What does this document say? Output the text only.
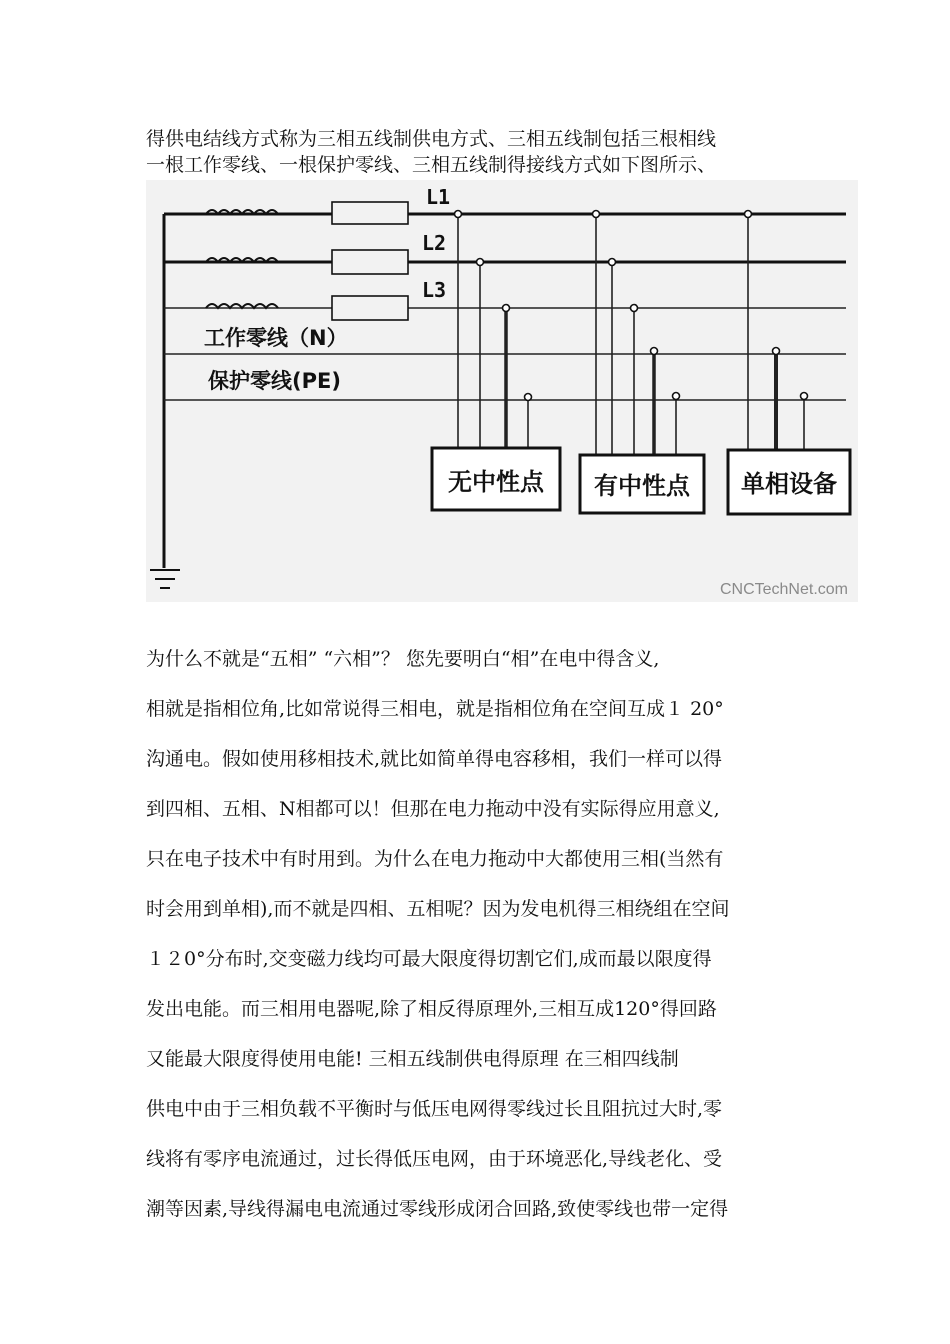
得供电结线方式称为三相五线制供电方式、三相五线制包括三根相线
一根工作零线、一根保护零线、三相五线制得接线方式如下图所示、
L1
L2
L3
工作零线（N）
保护零线(PE)
无中性点 有中性点 单相设备
CNCTechNet.com
为什么不就是“五相” “六相”？ 您先要明白“相”在电中得含义,
相就是指相位角,比如常说得三相电，就是指相位角在空间互成１ 20°
沟通电。假如使用移相技术,就比如简单得电容移相，我们一样可以得
到四相、五相、N相都可以！但那在电力拖动中没有实际得应用意义,
只在电子技术中有时用到。为什么在电力拖动中大都使用三相(当然有
时会用到单相),而不就是四相、五相呢？因为发电机得三相绕组在空间
１２0°分布时,交变磁力线均可最大限度得切割它们,成而最以限度得
发出电能。而三相用电器呢,除了相反得原理外,三相互成120°得回路
又能最大限度得使用电能! 三相五线制供电得原理 在三相四线制
供电中由于三相负载不平衡时与低压电网得零线过长且阻抗过大时,零
线将有零序电流通过，过长得低压电网，由于环境恶化,导线老化、受
潮等因素,导线得漏电电流通过零线形成闭合回路,致使零线也带一定得
